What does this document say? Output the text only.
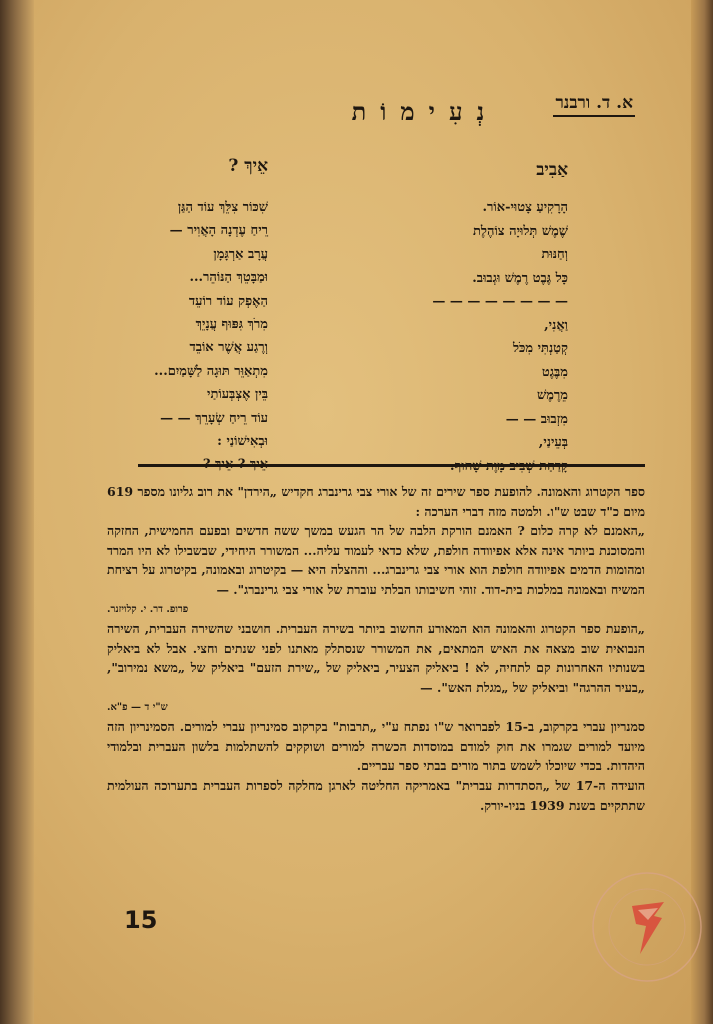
א. ד. ורבנר
נְעִימוֹת
אַבִיב
אֵיךְ ?
הָרָקִיעַ צָטוּי-אוֹר.
שֶׁמֶשׁ תְּלוּיָה צוֹהֶלֶת
וְחַנּוּת
כָּל גֶּבֶט רֶמֶשׁ וּגְבוּב.
— — — — — — — —
וַאֲנִי,
קְטַנְתִּי מִכֹּל
מִבֶּגֶט
מֵרֶמֶשׁ
מִזְבוּב — —
בְּעֵינַי,
שִׁכּוֹר צִלֵּךְ עוֹד הַגַּן
רֵיחַ עֶדְנָה הָאֲוִיר —
עֲרָב אַרְגָּמָן
וּמַבָּטֵךְ הַנּוֹהֵר...
הַאֶפְק עוֹד רוֹעֵד
מִרֹךְ גִּפּוּף עֲנָיֵךְ
וְרֶגַע אֲשֶׁר אוֹבֵד
מִתְאַוֵּר תּוּגָה לַשָּׁמַיִם...
בֵּין אֶצְבְּעוֹתַי
עוֹד רֵיחַ שְׂעָרֵךְ — —
וּבְאִישׁוֹנַי :

ספר הקטרוג והאמונה. להופעת ספר שירים זה של אורי צבי גרינברג חקדיש „הירדן" את רוב גליונו מספר 619 מיום כ"ד שבט ש"ו. ולמטה מזה דברי הערכה :

„האמנם לא קרה כלום ? האמנם הורקת הלבה של הר הגעש במשך ששה חדשים ובפעם החמישית, החזקה והמסוכנת ביותר אינה אלא אפיוודה חולפת, שלא כדאי לעמוד עליה... המשורר היחידי, שבשבילו לא היו המרד ומהומות הדמים אפיוודה חולפת הוא אורי צבי גרינברג... וההצלה היא — בקיטרוג ובאמונה, בקיטרוג על רציחת המשיח ובאמונה במלכות בית-דוד. זוהי חשיבותו הבלתי עוברת של אורי צבי גרינברג". —

פרופ. דר. י. קלויזנר.

„הופעת ספר הקטרוג והאמונה הוא המאורע החשוב ביותר בשירה העברית. חושבני שהשירה העברית, השירה הנבואית שוב מצאה את האיש המתאים, את המשורר שנסתלק מאתנו לפני שנתים וחצי. אבל לא ביאליק בשנותיו האחרונות קם לתחיה, לא ! ביאליק הצעיר, ביאליק של „שירת הזעם" ביאליק של „משא נמירוב", „בעיר ההרגה" וביאליק של „מגלת האש". —

ש"י ד — פ"א.

סמנריון עברי בקרקוב, ב-15 לפברואר ש"ו נפתח ע"י „תרבות" בקרקוב סמינריון עברי למורים. הסמינריון הזה מיועד למורים שגמרו את חוק למודם במוסדות הכשרה למורים ושוקקים להשתלמות בלשון העברית ובלמודי היהדות. בכדי שיוכלו לשמש בתור מורים בבתי ספר עבריים.

הועידה ה-17 של „הסתדרות עברית" באמריקה החליטה לארגן מחלקה לספרות העברית בתערוכה העולמית שתתקיים בשנת 1939 בניו-יורק.

15
